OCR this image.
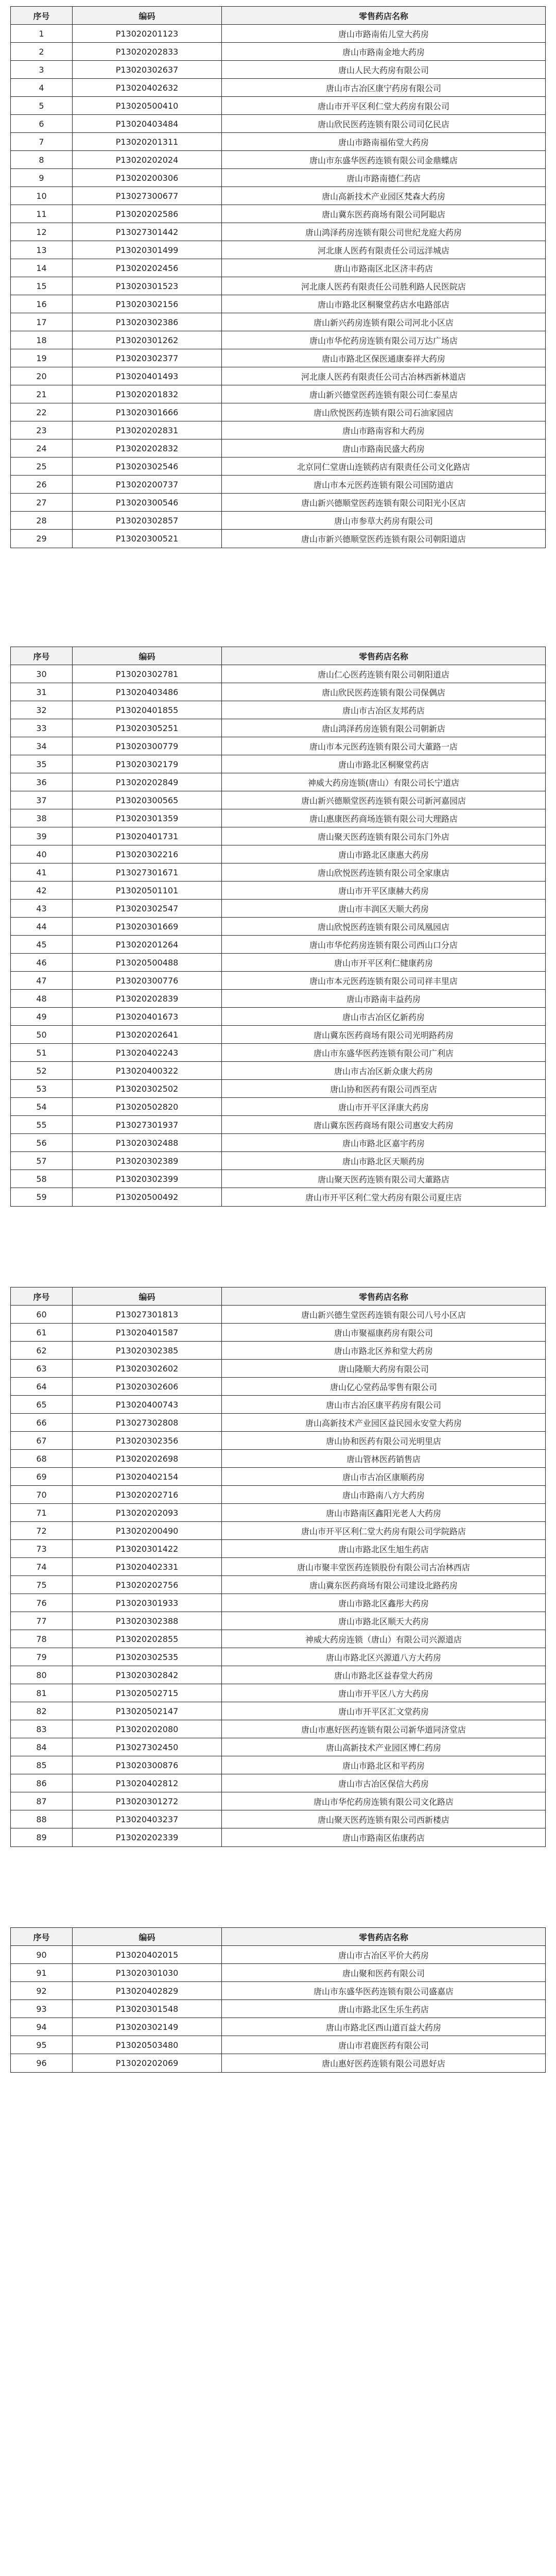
序号	编码	零售药店名称
1	P13020201123	唐山市路南佑儿堂大药房
2	P13020202833	唐山市路南金地大药房
3	P13020302637	唐山人民大药房有限公司
4	P13020402632	唐山市古冶区康宁药房有限公司
5	P13020500410	唐山市开平区利仁堂大药房有限公司
6	P13020403484	唐山欣民医药连锁有限公司司亿民店
7	P13020201311	唐山市路南福佑堂大药房
8	P13020202024	唐山市东盛华医药连锁有限公司金鼎蝶店
9	P13020200306	唐山市路南德仁药店
10	P13027300677	唐山高新技术产业园区梵森大药房
11	P13020202586	唐山冀东医药商场有限公司阿聪店
12	P13027301442	唐山鸿泽药房连锁有限公司世纪龙庭大药房
13	P13020301499	河北康人医药有限责任公司远洋城店
14	P13020202456	唐山市路南区北区济丰药店
15	P13020301523	河北康人医药有限责任公司胜利路人民医院店
16	P13020302156	唐山市路北区桐聚堂药店水电路部店
17	P13020302386	唐山新兴药房连锁有限公司河北小区店
18	P13020301262	唐山市华佗药房连锁有限公司万达广场店
19	P13020302377	唐山市路北区保医通康泰祥大药房
20	P13020401493	河北康人医药有限责任公司古冶林西新林道店
21	P13020201832	唐山新兴德堂医药连锁有限公司仁泰星店
22	P13020301666	唐山欣悦医药连锁有限公司石油家园店
23	P13020202831	唐山市路南容和大药房
24	P13020202832	唐山市路南民盛大药房
25	P13020302546	北京同仁堂唐山连锁药店有限责任公司文化路店
26	P13020200737	唐山市本元医药连锁有限公司国防道店
27	P13020300546	唐山新兴德顺堂医药连锁有限公司阳光小区店
28	P13020302857	唐山市参草大药房有限公司
29	P13020300521	唐山市新兴德顺堂医药连锁有限公司朝阳道店
序号	编码	零售药店名称
30	P13020302781	唐山仁心医药连锁有限公司朝阳道店
31	P13020403486	唐山欣民医药连锁有限公司保偶店
32	P13020401855	唐山市古冶区友邦药店
33	P13020305251	唐山鸿泽药房连锁有限公司朝新店
34	P13020300779	唐山市本元医药连锁有限公司大董路一店
35	P13020302179	唐山市路北区桐聚堂药店
36	P13020202849	神威大药房连锁(唐山）有限公司长宁道店
37	P13020300565	唐山新兴德顺堂医药连锁有限公司新河嘉园店
38	P13020301359	唐山惠康医药商场连锁有限公司大理路店
39	P13020401731	唐山聚天医药连锁有限公司东门外店
40	P13020302216	唐山市路北区康惠大药房
41	P13027301671	唐山欣悦医药连锁有限公司全家康店
42	P13020501101	唐山市开平区康赫大药房
43	P13020302547	唐山市丰润区天顺大药房
44	P13020301669	唐山欣悦医药连锁有限公司凤凰园店
45	P13020201264	唐山市华佗药房连锁有限公司西山口分店
46	P13020500488	唐山市开平区利仁健康药房
47	P13020300776	唐山市本元医药连锁有限公司司祥丰里店
48	P13020202839	唐山市路南丰益药房
49	P13020401673	唐山市古冶区亿新药房
50	P13020202641	唐山冀东医药商场有限公司光明路药房
51	P13020402243	唐山市东盛华医药连锁有限公司广利店
52	P13020400322	唐山市古冶区新众康大药房
53	P13020302502	唐山协和医药有限公司西至店
54	P13020502820	唐山市开平区泽康大药房
55	P13027301937	唐山冀东医药商场有限公司惠安大药房
56	P13020302488	唐山市路北区嘉宇药房
57	P13020302389	唐山市路北区天顺药房
58	P13020302399	唐山聚天医药连锁有限公司大董路店
59	P13020500492	唐山市开平区利仁堂大药房有限公司夏庄店
序号	编码	零售药店名称
60	P13027301813	唐山新兴德生堂医药连锁有限公司八号小区店
61	P13020401587	唐山市聚福康药房有限公司
62	P13020302385	唐山市路北区养和堂大药房
63	P13020302602	唐山隆顺大药房有限公司
64	P13020302606	唐山亿心堂药品零售有限公司
65	P13020400743	唐山市古冶区康平药房有限公司
66	P13027302808	唐山高新技术产业园区益民园永安堂大药房
67	P13020302356	唐山协和医药有限公司光明里店
68	P13020202698	唐山管林医药销售店
69	P13020402154	唐山市古冶区康顺药房
70	P13020202716	唐山市路南八方大药房
71	P13020202093	唐山市路南区鑫阳光老人大药房
72	P13020200490	唐山市开平区利仁堂大药房有限公司学院路店
73	P13020301422	唐山市路北区生旭生药店
74	P13020402331	唐山市聚丰堂医药连锁股份有限公司古冶林西店
75	P13020202756	唐山冀东医药商场有限公司建设北路药房
76	P13020301933	唐山市路北区鑫彤大药房
77	P13020302388	唐山市路北区顺天大药房
78	P13020202855	神威大药房连锁（唐山）有限公司兴源道店
79	P13020302535	唐山市路北区兴源道八方大药房
80	P13020302842	唐山市路北区益春堂大药房
81	P13020502715	唐山市开平区八方大药房
82	P13020502147	唐山市开平区汇文堂药房
83	P13020202080	唐山市惠好医药连锁有限公司新华道同济堂店
84	P13027302450	唐山高新技术产业园区博仁药房
85	P13020300876	唐山市路北区和平药房
86	P13020402812	唐山市古冶区保信大药房
87	P13020301272	唐山市华佗药房连锁有限公司文化路店
88	P13020403237	唐山聚天医药连锁有限公司西新楼店
89	P13020202339	唐山市路南区佑康药店
序号	编码	零售药店名称
90	P13020402015	唐山市古冶区平价大药房
91	P13020301030	唐山聚和医药有限公司
92	P13020402829	唐山市东盛华医药连锁有限公司盛嘉店
93	P13020301548	唐山市路北区生乐生药店
94	P13020302149	唐山市路北区西山道百益大药房
95	P13020503480	唐山市君鹿医药有限公司
96	P13020202069	唐山惠好医药连锁有限公司恩好店
